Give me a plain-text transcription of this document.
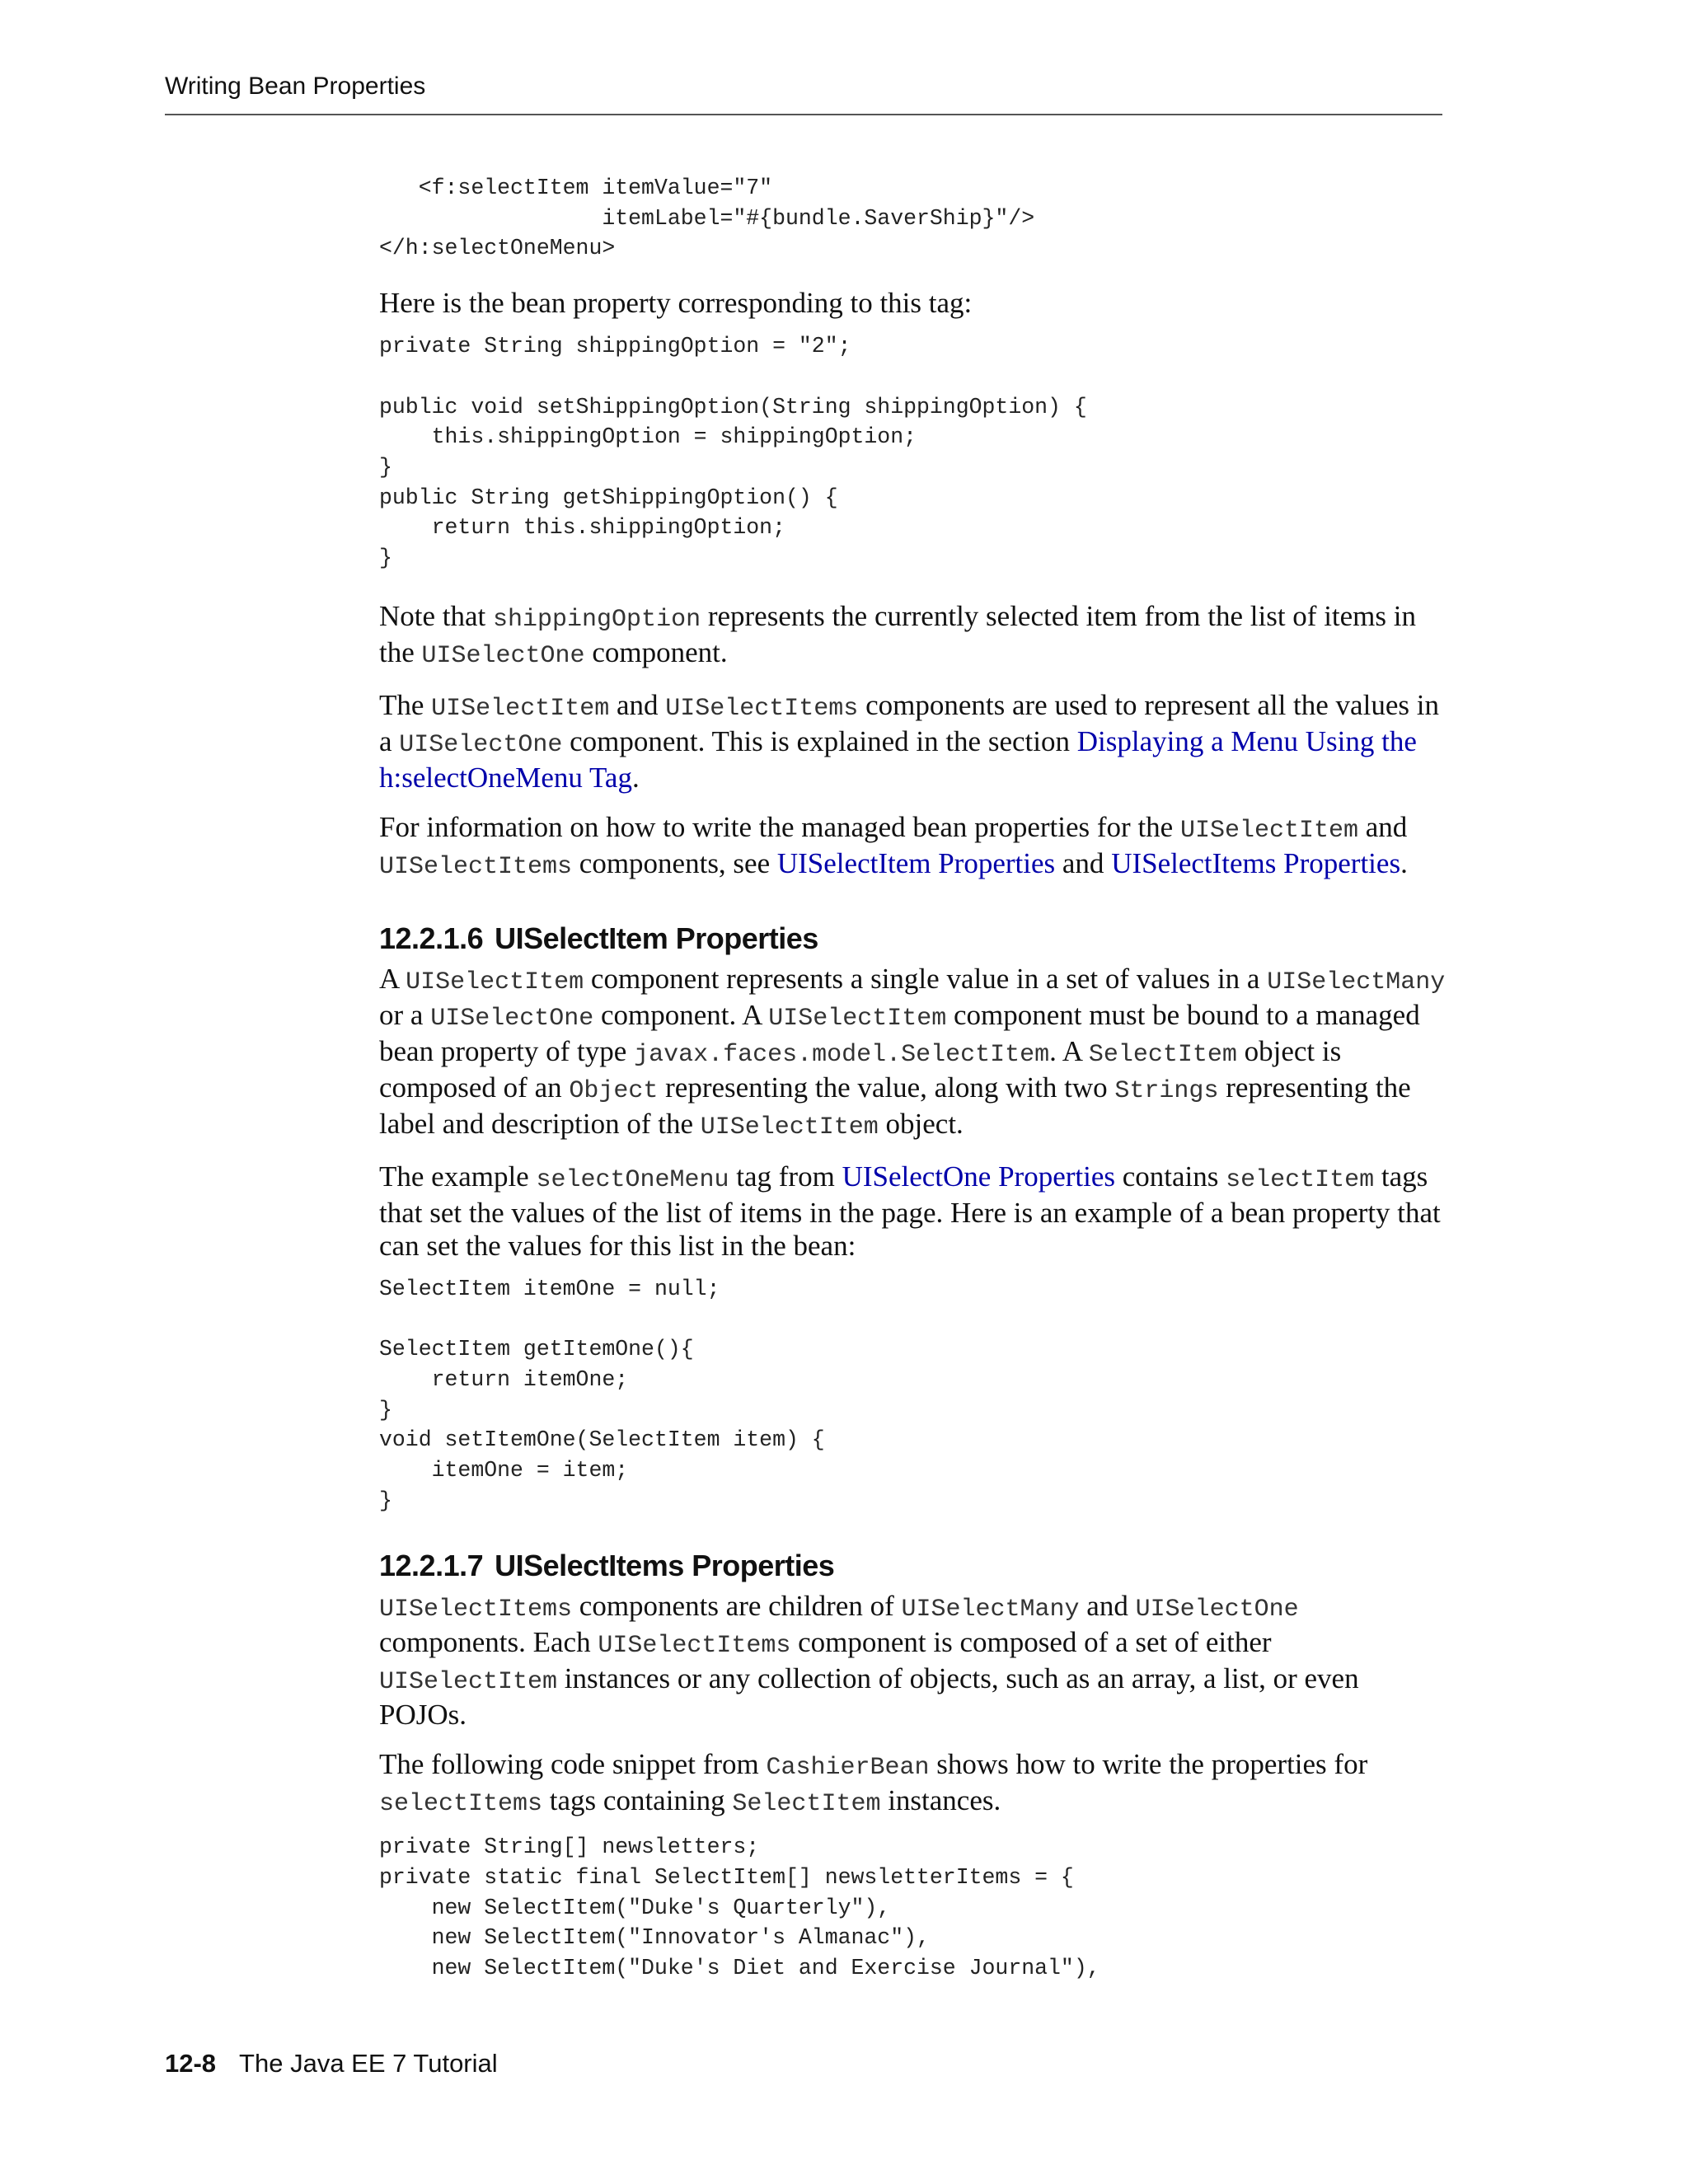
Writing Bean Properties
<f:selectItem itemValue="7"
itemLabel="#{bundle.SaverShip}"/>
</h:selectOneMenu>

Here is the bean property corresponding to this tag:

private String shippingOption = "2";

public void setShippingOption(String shippingOption) {
this.shippingOption = shippingOption;
}
public String getShippingOption() {
return this.shippingOption;
}

Note that shippingOption represents the currently selected item from the list of items in the UISelectOne component.

The UISelectItem and UISelectItems components are used to represent all the values in a UISelectOne component. This is explained in the section Displaying a Menu Using the h:selectOneMenu Tag.

For information on how to write the managed bean properties for the UISelectItem and UISelectItems components, see UISelectItem Properties and UISelectItems Properties.

12.2.1.6 UISelectItem Properties

A UISelectItem component represents a single value in a set of values in a UISelectMany or a UISelectOne component. A UISelectItem component must be bound to a managed bean property of type javax.faces.model.SelectItem. A SelectItem object is composed of an Object representing the value, along with two Strings representing the label and description of the UISelectItem object.

The example selectOneMenu tag from UISelectOne Properties contains selectItem tags that set the values of the list of items in the page. Here is an example of a bean property that can set the values for this list in the bean:

SelectItem itemOne = null;

SelectItem getItemOne(){
return itemOne;
}
void setItemOne(SelectItem item) {
itemOne = item;
}
12.2.1.7 UISelectItems Properties

UISelectItems components are children of UISelectMany and UISelectOne components. Each UISelectItems component is composed of a set of either UISelectItem instances or any collection of objects, such as an array, a list, or even POJOs.

The following code snippet from CashierBean shows how to write the properties for selectItems tags containing SelectItem instances.

private String[] newsletters;
private static final SelectItem[] newsletterItems = {
new SelectItem("Duke's Quarterly"),
new SelectItem("Innovator's Almanac"),
new SelectItem("Duke's Diet and Exercise Journal"),
12-8 The Java EE 7 Tutorial
